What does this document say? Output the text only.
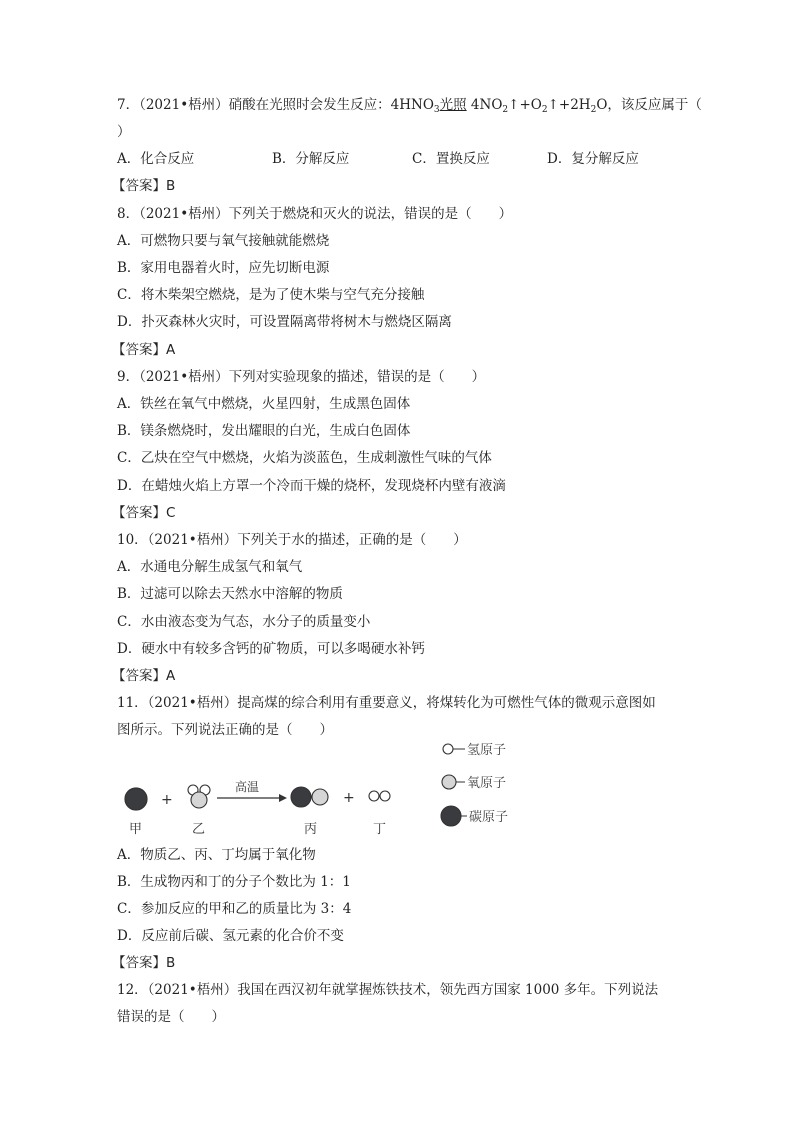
7．（2021•梧州）硝酸在光照时会发生反应：$4HNO_3$光照 $4NO_2↑+O_2↑+2H_2O$，该反应属于（
）
A．化合反应	B．分解反应	C．置换反应	D．复分解反应
【答案】B
8．（2021•梧州）下列关于燃烧和灭火的说法，错误的是（　　）
A．可燃物只要与氧气接触就能燃烧
B．家用电器着火时，应先切断电源
C．将木柴架空燃烧，是为了使木柴与空气充分接触
D．扑灭森林火灾时，可设置隔离带将树木与燃烧区隔离
【答案】A
9．（2021•梧州）下列对实验现象的描述，错误的是（　　）
A．铁丝在氧气中燃烧，火星四射，生成黑色固体
B．镁条燃烧时，发出耀眼的白光，生成白色固体
C．乙炔在空气中燃烧，火焰为淡蓝色，生成刺激性气味的气体
D．在蜡烛火焰上方罩一个冷而干燥的烧杯，发现烧杯内壁有液滴
【答案】C
10．（2021•梧州）下列关于水的描述，正确的是（　　）
A．水通电分解生成氢气和氧气
B．过滤可以除去天然水中溶解的物质
C．水由液态变为气态，水分子的质量变小
D．硬水中有较多含钙的矿物质，可以多喝硬水补钙
【答案】A
11．（2021•梧州）提高煤的综合利用有重要意义，将煤转化为可燃性气体的微观示意图如
图所示。下列说法正确的是（　　）
+
高温
+
甲	乙	丙	丁
氢原子
氧原子
碳原子
A．物质乙、丙、丁均属于氧化物
B．生成物丙和丁的分子个数比为 1：1
C．参加反应的甲和乙的质量比为 3：4
D．反应前后碳、氢元素的化合价不变
【答案】B
12．（2021•梧州）我国在西汉初年就掌握炼铁技术，领先西方国家 1000 多年。下列说法
错误的是（　　）
